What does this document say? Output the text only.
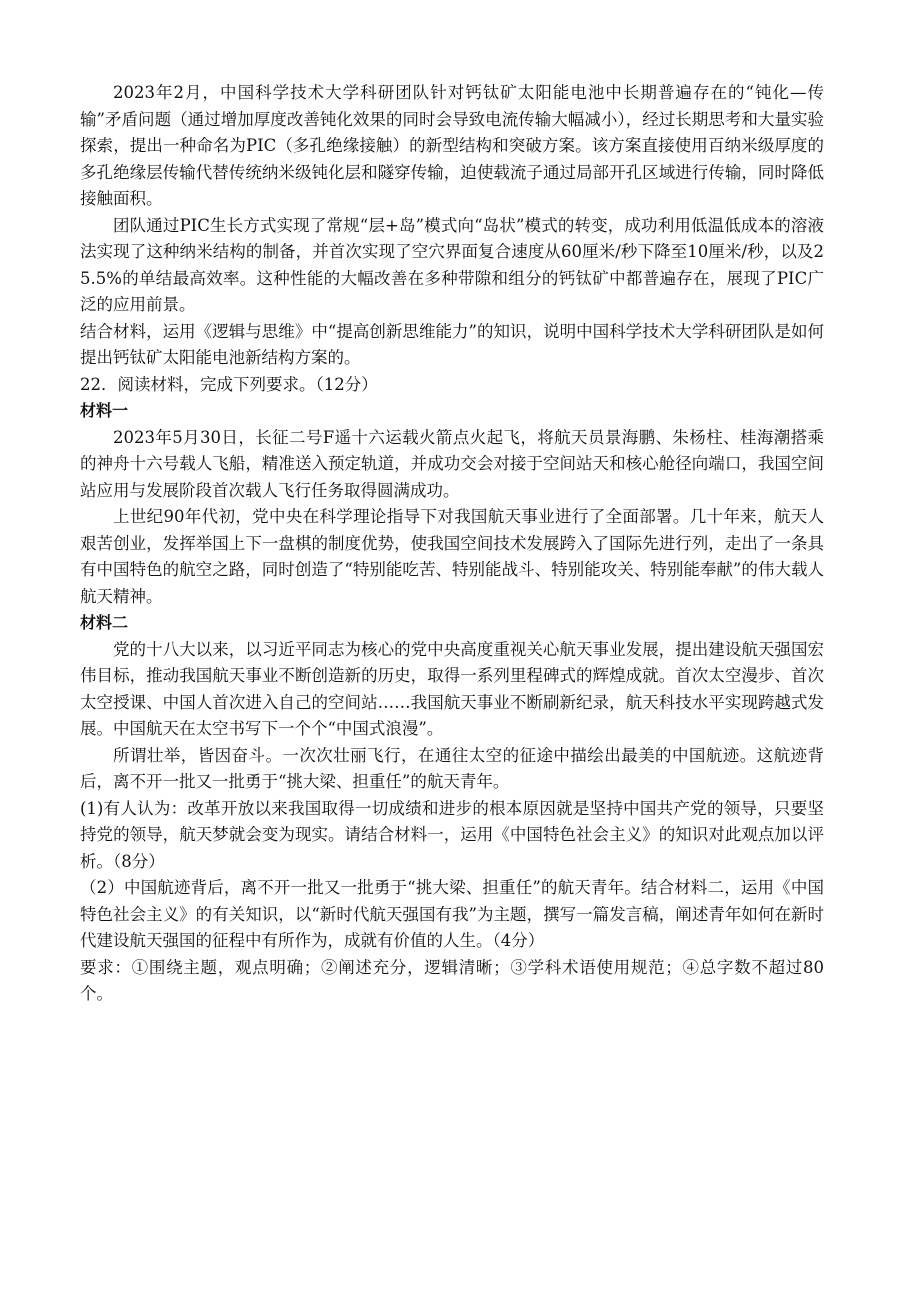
2023年2月，中国科学技术大学科研团队针对钙钛矿太阳能电池中长期普遍存在的“钝化—传输”矛盾问题（通过增加厚度改善钝化效果的同时会导致电流传输大幅减小），经过长期思考和大量实验探索，提出一种命名为PIC（多孔绝缘接触）的新型结构和突破方案。该方案直接使用百纳米级厚度的多孔绝缘层传输代替传统纳米级钝化层和隧穿传输，迫使载流子通过局部开孔区域进行传输，同时降低接触面积。

团队通过PIC生长方式实现了常规“层+岛”模式向“岛状”模式的转变，成功利用低温低成本的溶液法实现了这种纳米结构的制备，并首次实现了空穴界面复合速度从60厘米/秒下降至10厘米/秒，以及25.5%的单结最高效率。这种性能的大幅改善在多种带隙和组分的钙钛矿中都普遍存在，展现了PIC广泛的应用前景。

结合材料，运用《逻辑与思维》中“提高创新思维能力”的知识，说明中国科学技术大学科研团队是如何提出钙钛矿太阳能电池新结构方案的。

22．阅读材料，完成下列要求。（12分）

材料一

2023年5月30日，长征二号F遥十六运载火箭点火起飞，将航天员景海鹏、朱杨柱、桂海潮搭乘的神舟十六号载人飞船，精准送入预定轨道，并成功交会对接于空间站天和核心舱径向端口，我国空间站应用与发展阶段首次载人飞行任务取得圆满成功。

上世纪90年代初，党中央在科学理论指导下对我国航天事业进行了全面部署。几十年来，航天人艰苦创业，发挥举国上下一盘棋的制度优势，使我国空间技术发展跨入了国际先进行列，走出了一条具有中国特色的航空之路，同时创造了“特别能吃苦、特别能战斗、特别能攻关、特别能奉献”的伟大载人航天精神。

材料二

党的十八大以来，以习近平同志为核心的党中央高度重视关心航天事业发展，提出建设航天强国宏伟目标，推动我国航天事业不断创造新的历史，取得一系列里程碑式的辉煌成就。首次太空漫步、首次太空授课、中国人首次进入自己的空间站……我国航天事业不断刷新纪录，航天科技水平实现跨越式发展。中国航天在太空书写下一个个“中国式浪漫”。

所谓壮举，皆因奋斗。一次次壮丽飞行，在通往太空的征途中描绘出最美的中国航迹。这航迹背后，离不开一批又一批勇于“挑大梁、担重任”的航天青年。

(1)有人认为：改革开放以来我国取得一切成绩和进步的根本原因就是坚持中国共产党的领导，只要坚持党的领导，航天梦就会变为现实。请结合材料一，运用《中国特色社会主义》的知识对此观点加以评析。（8分）

（2）中国航迹背后，离不开一批又一批勇于“挑大梁、担重任”的航天青年。结合材料二，运用《中国特色社会主义》的有关知识，以“新时代航天强国有我”为主题，撰写一篇发言稿，阐述青年如何在新时代建设航天强国的征程中有所作为，成就有价值的人生。（4分）

要求：①围绕主题，观点明确；②阐述充分，逻辑清晰；③学科术语使用规范；④总字数不超过80个。
